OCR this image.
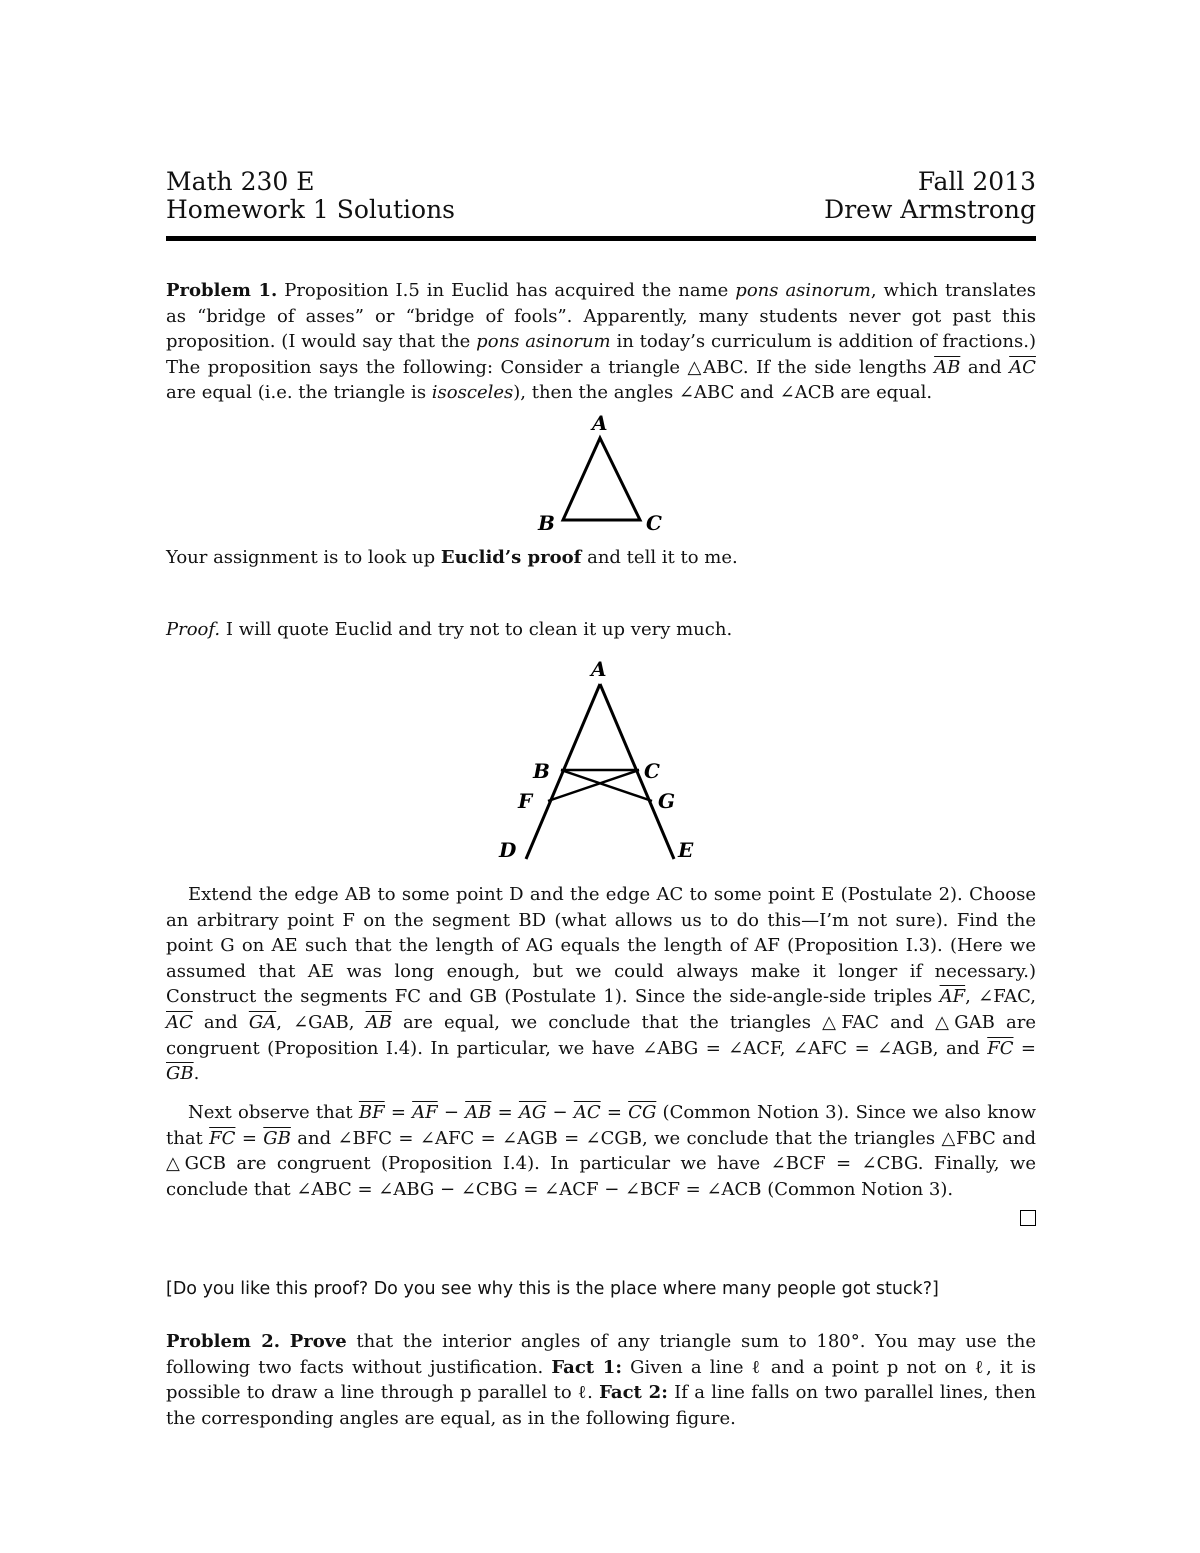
Math 230 E	Fall 2013
Homework 1 Solutions	Drew Armstrong
Problem 1. Proposition I.5 in Euclid has acquired the name pons asinorum, which translates as “bridge of asses” or “bridge of fools”. Apparently, many students never got past this proposition. (I would say that the pons asinorum in today’s curriculum is addition of fractions.) The proposition says the following: Consider a triangle △ABC. If the side lengths $\overline{AB}$ and $\overline{AC}$ are equal (i.e. the triangle is isosceles), then the angles ∠ABC and ∠ACB are equal.
A
B	C
Your assignment is to look up Euclid’s proof and tell it to me.
Proof. I will quote Euclid and try not to clean it up very much.
A
B	C
F	G
D	E
Extend the edge AB to some point D and the edge AC to some point E (Postulate 2). Choose an arbitrary point F on the segment BD (what allows us to do this—I’m not sure). Find the point G on AE such that the length of AG equals the length of AF (Proposition I.3). (Here we assumed that AE was long enough, but we could always make it longer if necessary.) Construct the segments FC and GB (Postulate 1). Since the side-angle-side triples $\overline{AF}$, ∠FAC, $\overline{AC}$ and $\overline{GA}$, ∠GAB, $\overline{AB}$ are equal, we conclude that the triangles △FAC and △GAB are congruent (Proposition I.4). In particular, we have ∠ABG = ∠ACF, ∠AFC = ∠AGB, and $\overline{FC} = \overline{GB}$.
Next observe that $\overline{BF} = \overline{AF} - \overline{AB} = \overline{AG} - \overline{AC} = \overline{CG}$ (Common Notion 3). Since we also know that $\overline{FC} = \overline{GB}$ and ∠BFC = ∠AFC = ∠AGB = ∠CGB, we conclude that the triangles △FBC and △GCB are congruent (Proposition I.4). In particular we have ∠BCF = ∠CBG. Finally, we conclude that ∠ABC = ∠ABG − ∠CBG = ∠ACF − ∠BCF = ∠ACB (Common Notion 3).
[Do you like this proof? Do you see why this is the place where many people got stuck?]
Problem 2. Prove that the interior angles of any triangle sum to 180°. You may use the following two facts without justification. Fact 1: Given a line ℓ and a point p not on ℓ, it is possible to draw a line through p parallel to ℓ. Fact 2: If a line falls on two parallel lines, then the corresponding angles are equal, as in the following figure.
